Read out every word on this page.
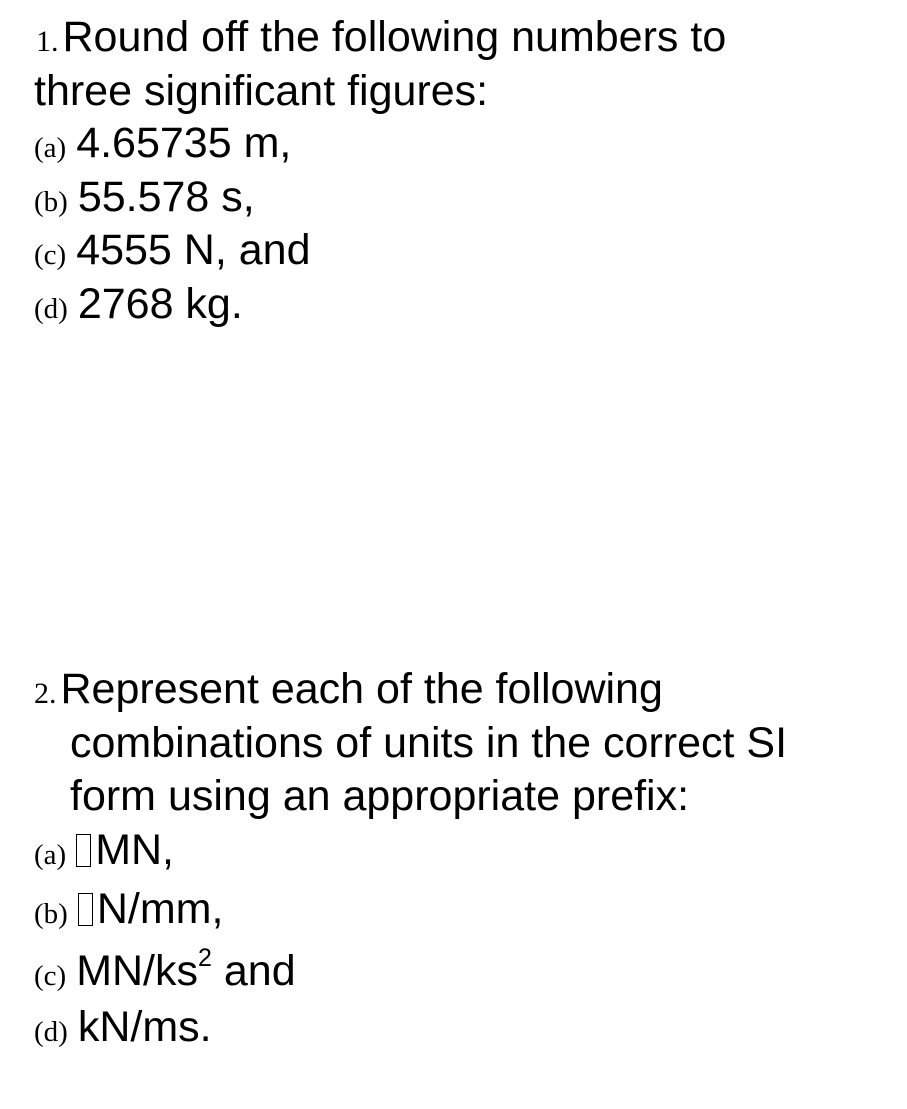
1. Round off the following numbers to
three significant figures:
(a) 4.65735 m,
(b) 55.578 s,
(c) 4555 N, and
(d) 2768 kg.
2. Represent each of the following
combinations of units in the correct SI
form using an appropriate prefix:
(a) MN,
(b) N/mm,
(c) $MN/ks^2$ and
(d) kN/ms.
